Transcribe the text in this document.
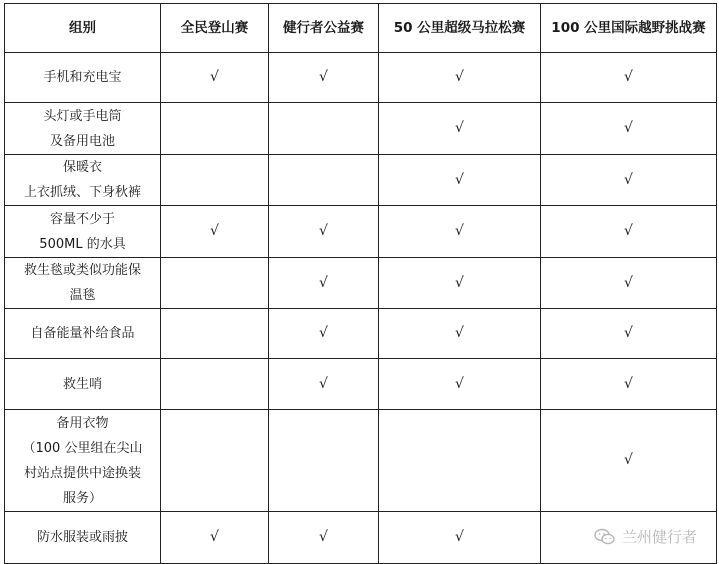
组别	全民登山赛	健行者公益赛	50 公里超级马拉松赛	100 公里国际越野挑战赛

手机和充电宝	√	√	√	√

头灯或手电筒
及备用电池			√	√

保暖衣
上衣抓绒、下身秋裤			√	√

容量不少于
500ML 的水具	√	√	√	√

救生毯或类似功能保
温毯		√	√	√

自备能量补给食品		√	√	√

救生哨		√	√	√

备用衣物
（100 公里组在尖山
村站点提供中途换装
服务）				√

防水服装或雨披	√	√	√		兰州健行者
